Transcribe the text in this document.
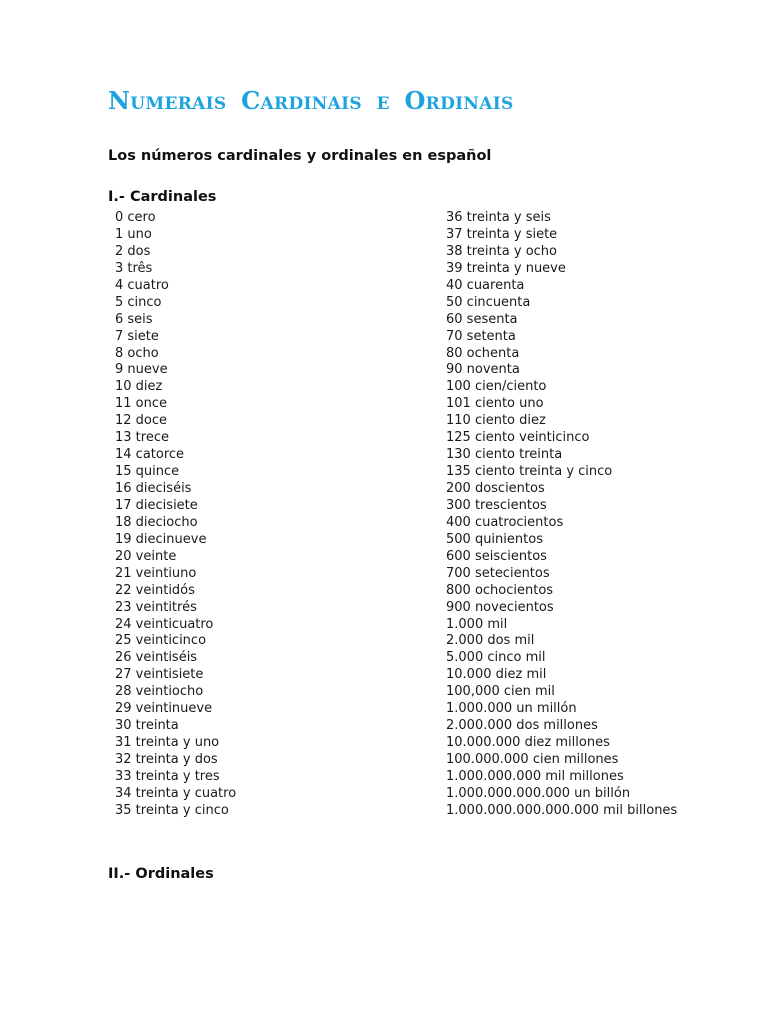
Numerais Cardinais e Ordinais
Los números cardinales y ordinales en español
I.- Cardinales
0 cero
1 uno
2 dos
3 três
4 cuatro
5 cinco
6 seis
7 siete
8 ocho
9 nueve
10 diez
11 once
12 doce
13 trece
14 catorce
15 quince
16 dieciséis
17 diecisiete
18 dieciocho
19 diecinueve
20 veinte
21 veintiuno
22 veintidós
23 veintitrés
24 veinticuatro
25 veinticinco
26 veintiséis
27 veintisiete
28 veintiocho
29 veintinueve
30 treinta
31 treinta y uno
32 treinta y dos
33 treinta y tres
34 treinta y cuatro
35 treinta y cinco
36 treinta y seis
37 treinta y siete
38 treinta y ocho
39 treinta y nueve
40 cuarenta
50 cincuenta
60 sesenta
70 setenta
80 ochenta
90 noventa
100 cien/ciento
101 ciento uno
110 ciento diez
125 ciento veinticinco
130 ciento treinta
135 ciento treinta y cinco
200 doscientos
300 trescientos
400 cuatrocientos
500 quinientos
600 seiscientos
700 setecientos
800 ochocientos
900 novecientos
1.000 mil
2.000 dos mil
5.000 cinco mil
10.000 diez mil
100,000 cien mil
1.000.000 un millón
2.000.000 dos millones
10.000.000 diez millones
100.000.000 cien millones
1.000.000.000 mil millones
1.000.000.000.000 un billón
1.000.000.000.000.000 mil billones
II.- Ordinales
